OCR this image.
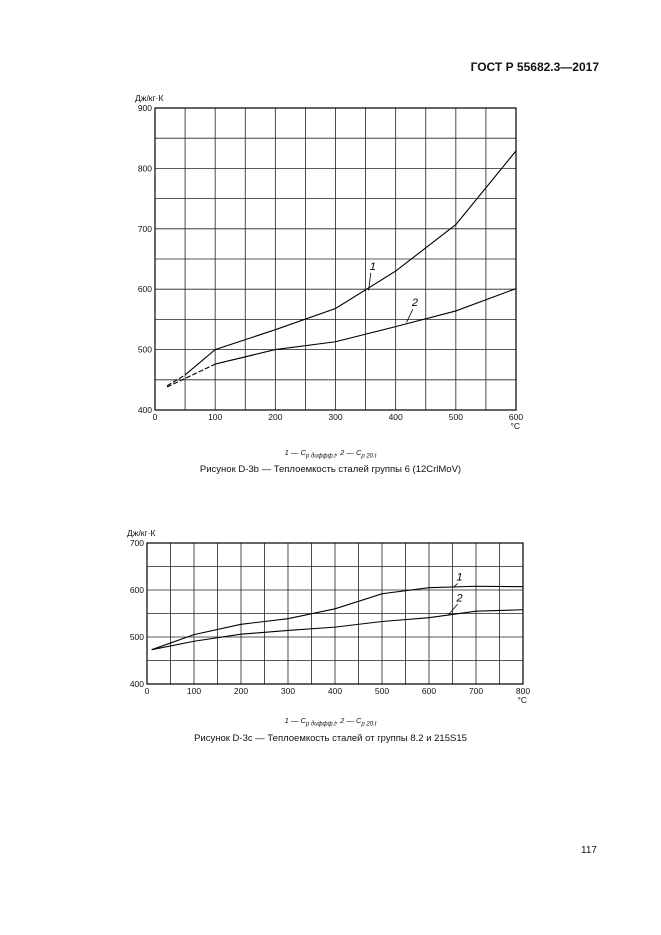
ГОСТ Р 55682.3—2017
0	100	200	300	400	500	600
400
500
600
700
800
900
Дж/кг·К
°C
1
2
1 — $C_{p диффф.t}$, 2 — $C_{p 20.t}$
Рисунок D-3b — Теплоемкость сталей группы 6 (12CrlMoV)
0	100	200	300	400	500	600	700	800
400
500
600
700
Дж/кг·К
°C
1
2
1 — $C_{p диффф.t}$, 2 — $C_{p 20.t}$
Рисунок D-3c — Теплоемкость сталей от группы 8.2 и 215S15
117
